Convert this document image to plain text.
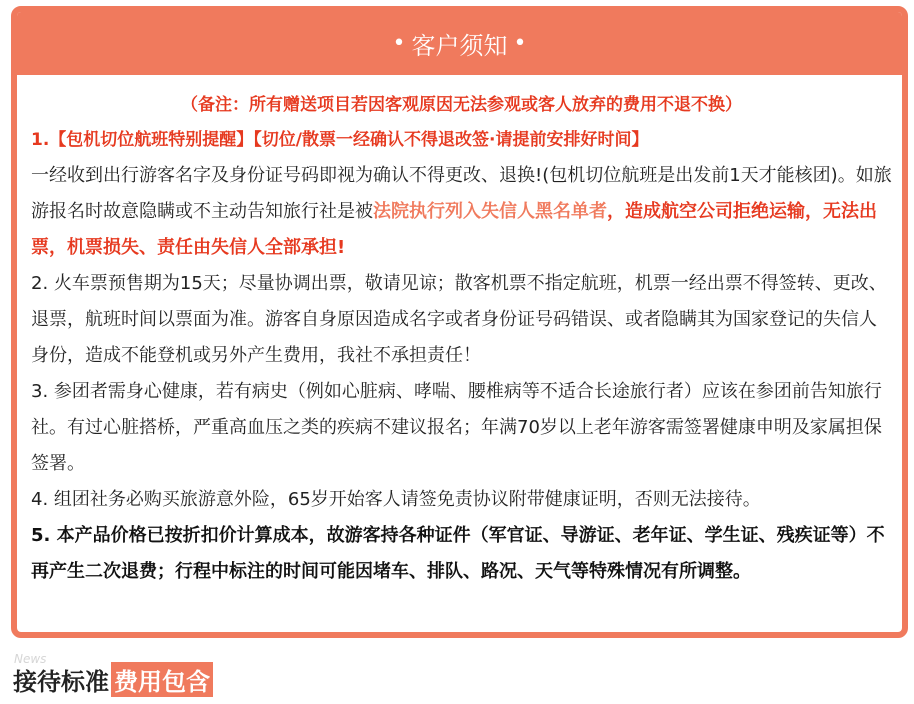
• 客户须知 •
（备注：所有赠送项目若因客观原因无法参观或客人放弃的费用不退不换）
1.【包机切位航班特别提醒】【切位/散票一经确认不得退改签·请提前安排好时间】

一经收到出行游客名字及身份证号码即视为确认不得更改、退换!(包机切位航班是出发前1天才能核团)。如旅游报名时故意隐瞒或不主动告知旅行社是被法院执行列入失信人黑名单者，造成航空公司拒绝运输，无法出票，机票损失、责任由失信人全部承担!

2. 火车票预售期为15天；尽量协调出票，敬请见谅；散客机票不指定航班，机票一经出票不得签转、更改、退票，航班时间以票面为准。游客自身原因造成名字或者身份证号码错误、或者隐瞒其为国家登记的失信人身份，造成不能登机或另外产生费用，我社不承担责任！

3. 参团者需身心健康，若有病史（例如心脏病、哮喘、腰椎病等不适合长途旅行者）应该在参团前告知旅行社。有过心脏搭桥，严重高血压之类的疾病不建议报名；年满70岁以上老年游客需签署健康申明及家属担保签署。

4. 组团社务必购买旅游意外险，65岁开始客人请签免责协议附带健康证明，否则无法接待。

5. 本产品价格已按折扣价计算成本，故游客持各种证件（军官证、导游证、老年证、学生证、残疾证等）不再产生二次退费；行程中标注的时间可能因堵车、排队、路况、天气等特殊情况有所调整。

News
接待标准 费用包含
